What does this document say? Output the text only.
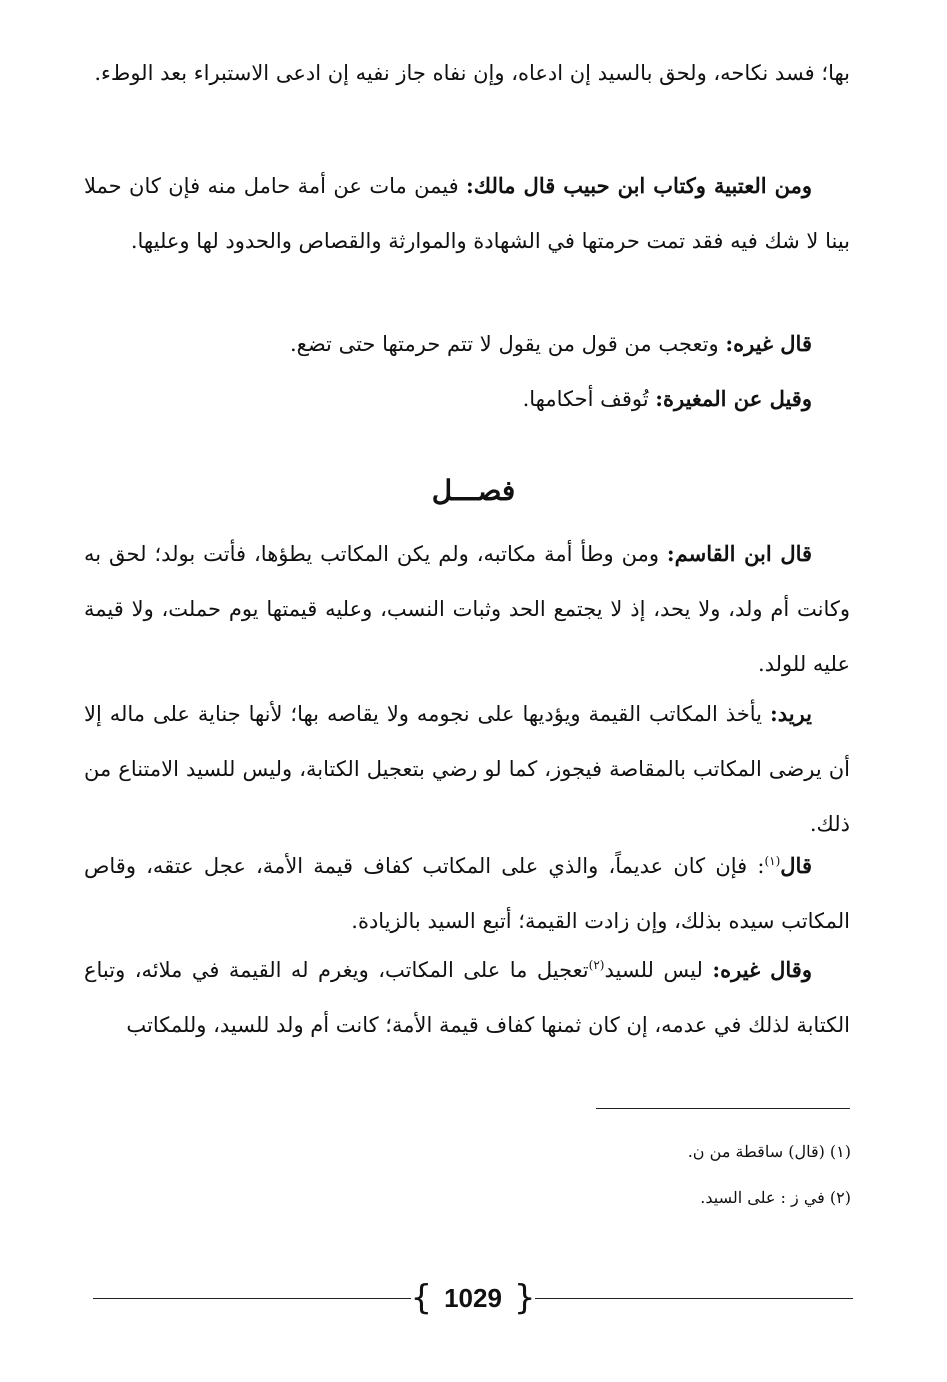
بها؛ فسد نكاحه، ولحق بالسيد إن ادعاه، وإن نفاه جاز نفيه إن ادعى الاستبراء بعد الوطء.

ومن العتبية وكتاب ابن حبيب قال مالك: فيمن مات عن أمة حامل منه فإن كان حملا بينا لا شك فيه فقد تمت حرمتها في الشهادة والموارثة والقصاص والحدود لها وعليها.

قال غيره: وتعجب من قول من يقول لا تتم حرمتها حتى تضع.

وقيل عن المغيرة: تُوقف أحكامها.

فصـــل

قال ابن القاسم: ومن وطأ أمة مكاتبه، ولم يكن المكاتب يطؤها، فأتت بولد؛ لحق به وكانت أم ولد، ولا يحد، إذ لا يجتمع الحد وثبات النسب، وعليه قيمتها يوم حملت، ولا قيمة عليه للولد.

يريد: يأخذ المكاتب القيمة ويؤديها على نجومه ولا يقاصه بها؛ لأنها جناية على ماله إلا أن يرضى المكاتب بالمقاصة فيجوز، كما لو رضي بتعجيل الكتابة، وليس للسيد الامتناع من ذلك.

قال$^{(١)}$: فإن كان عديماً، والذي على المكاتب كفاف قيمة الأمة، عجل عتقه، وقاص المكاتب سيده بذلك، وإن زادت القيمة؛ أتبع السيد بالزيادة.

وقال غيره: ليس للسيد$^{(٢)}$تعجيل ما على المكاتب، ويغرم له القيمة في ملائه، وتباع الكتابة لذلك في عدمه، إن كان ثمنها كفاف قيمة الأمة؛ كانت أم ولد للسيد، وللمكاتب

(١) (قال) ساقطة من ن.
(٢) في ز : على السيد.
{ 1029 }
